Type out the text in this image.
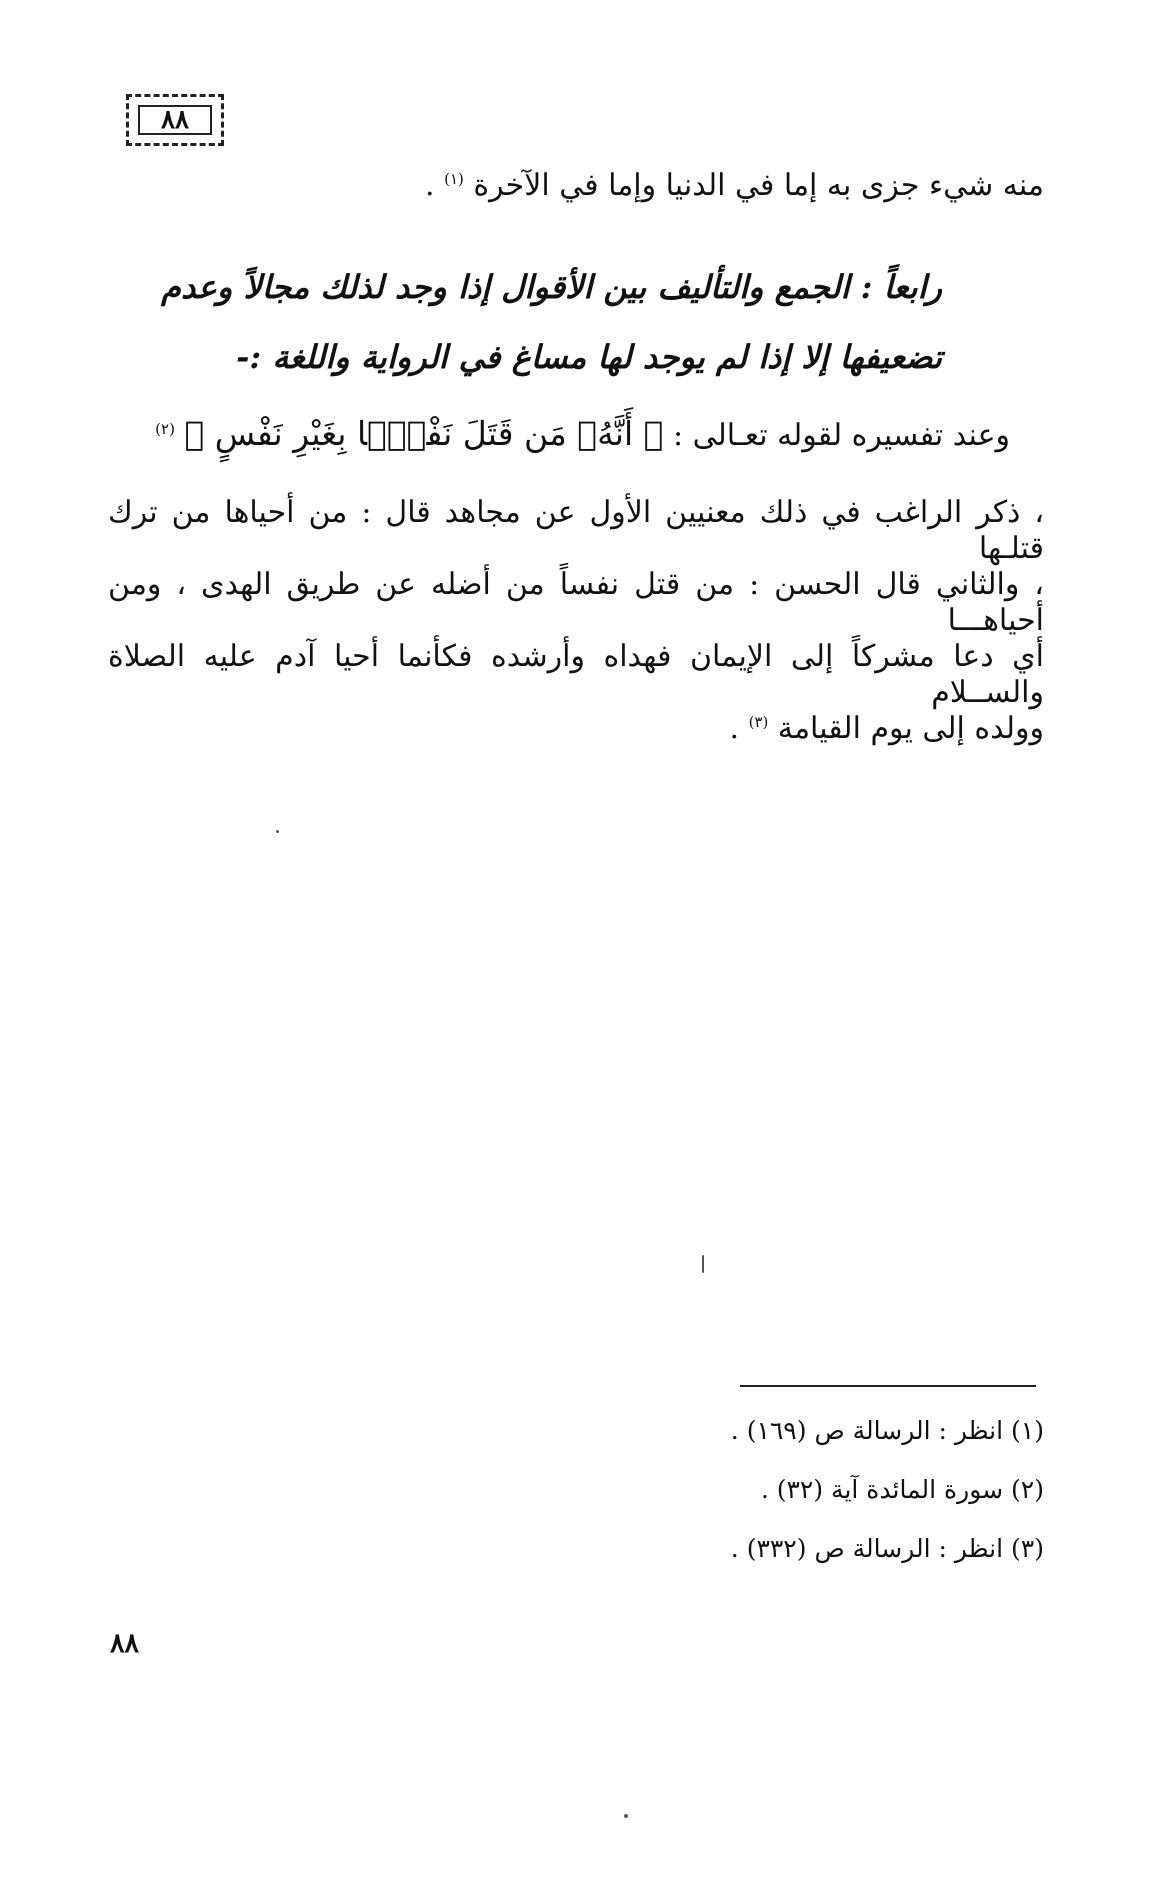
٨٨
منه شيء جزى به إما في الدنيا وإما في الآخرة $^{(١)}$ .
رابعاً : الجمع والتأليف بين الأقوال إذا وجد لذلك مجالاً وعدم
تضعيفها إلا إذا لم يوجد لها مساغ في الرواية واللغة :-
وعند تفسيره لقوله تعـالى : ﴿ أَنَّهُۥ مَن قَتَلَ نَفْسًۢا بِغَيْرِ نَفْسٍ ﴾ $^{(٢)}$
، ذكر الراغب في ذلك معنيين الأول عن مجاهد قال : من أحياها من ترك قتلـها
، والثاني قال الحسن : من قتل نفساً من أضله عن طريق الهدى ، ومن أحياهـــا
أي دعا مشركاً إلى الإيمان فهداه وأرشده فكأنما أحيا آدم عليه الصلاة والســلام
وولده إلى يوم القيامة $^{(٣)}$ .
(١) انظر : الرسالة ص (١٦٩) .
(٢) سورة المائدة آية (٣٢) .
(٣) انظر : الرسالة ص (٣٣٢) .
٨٨
